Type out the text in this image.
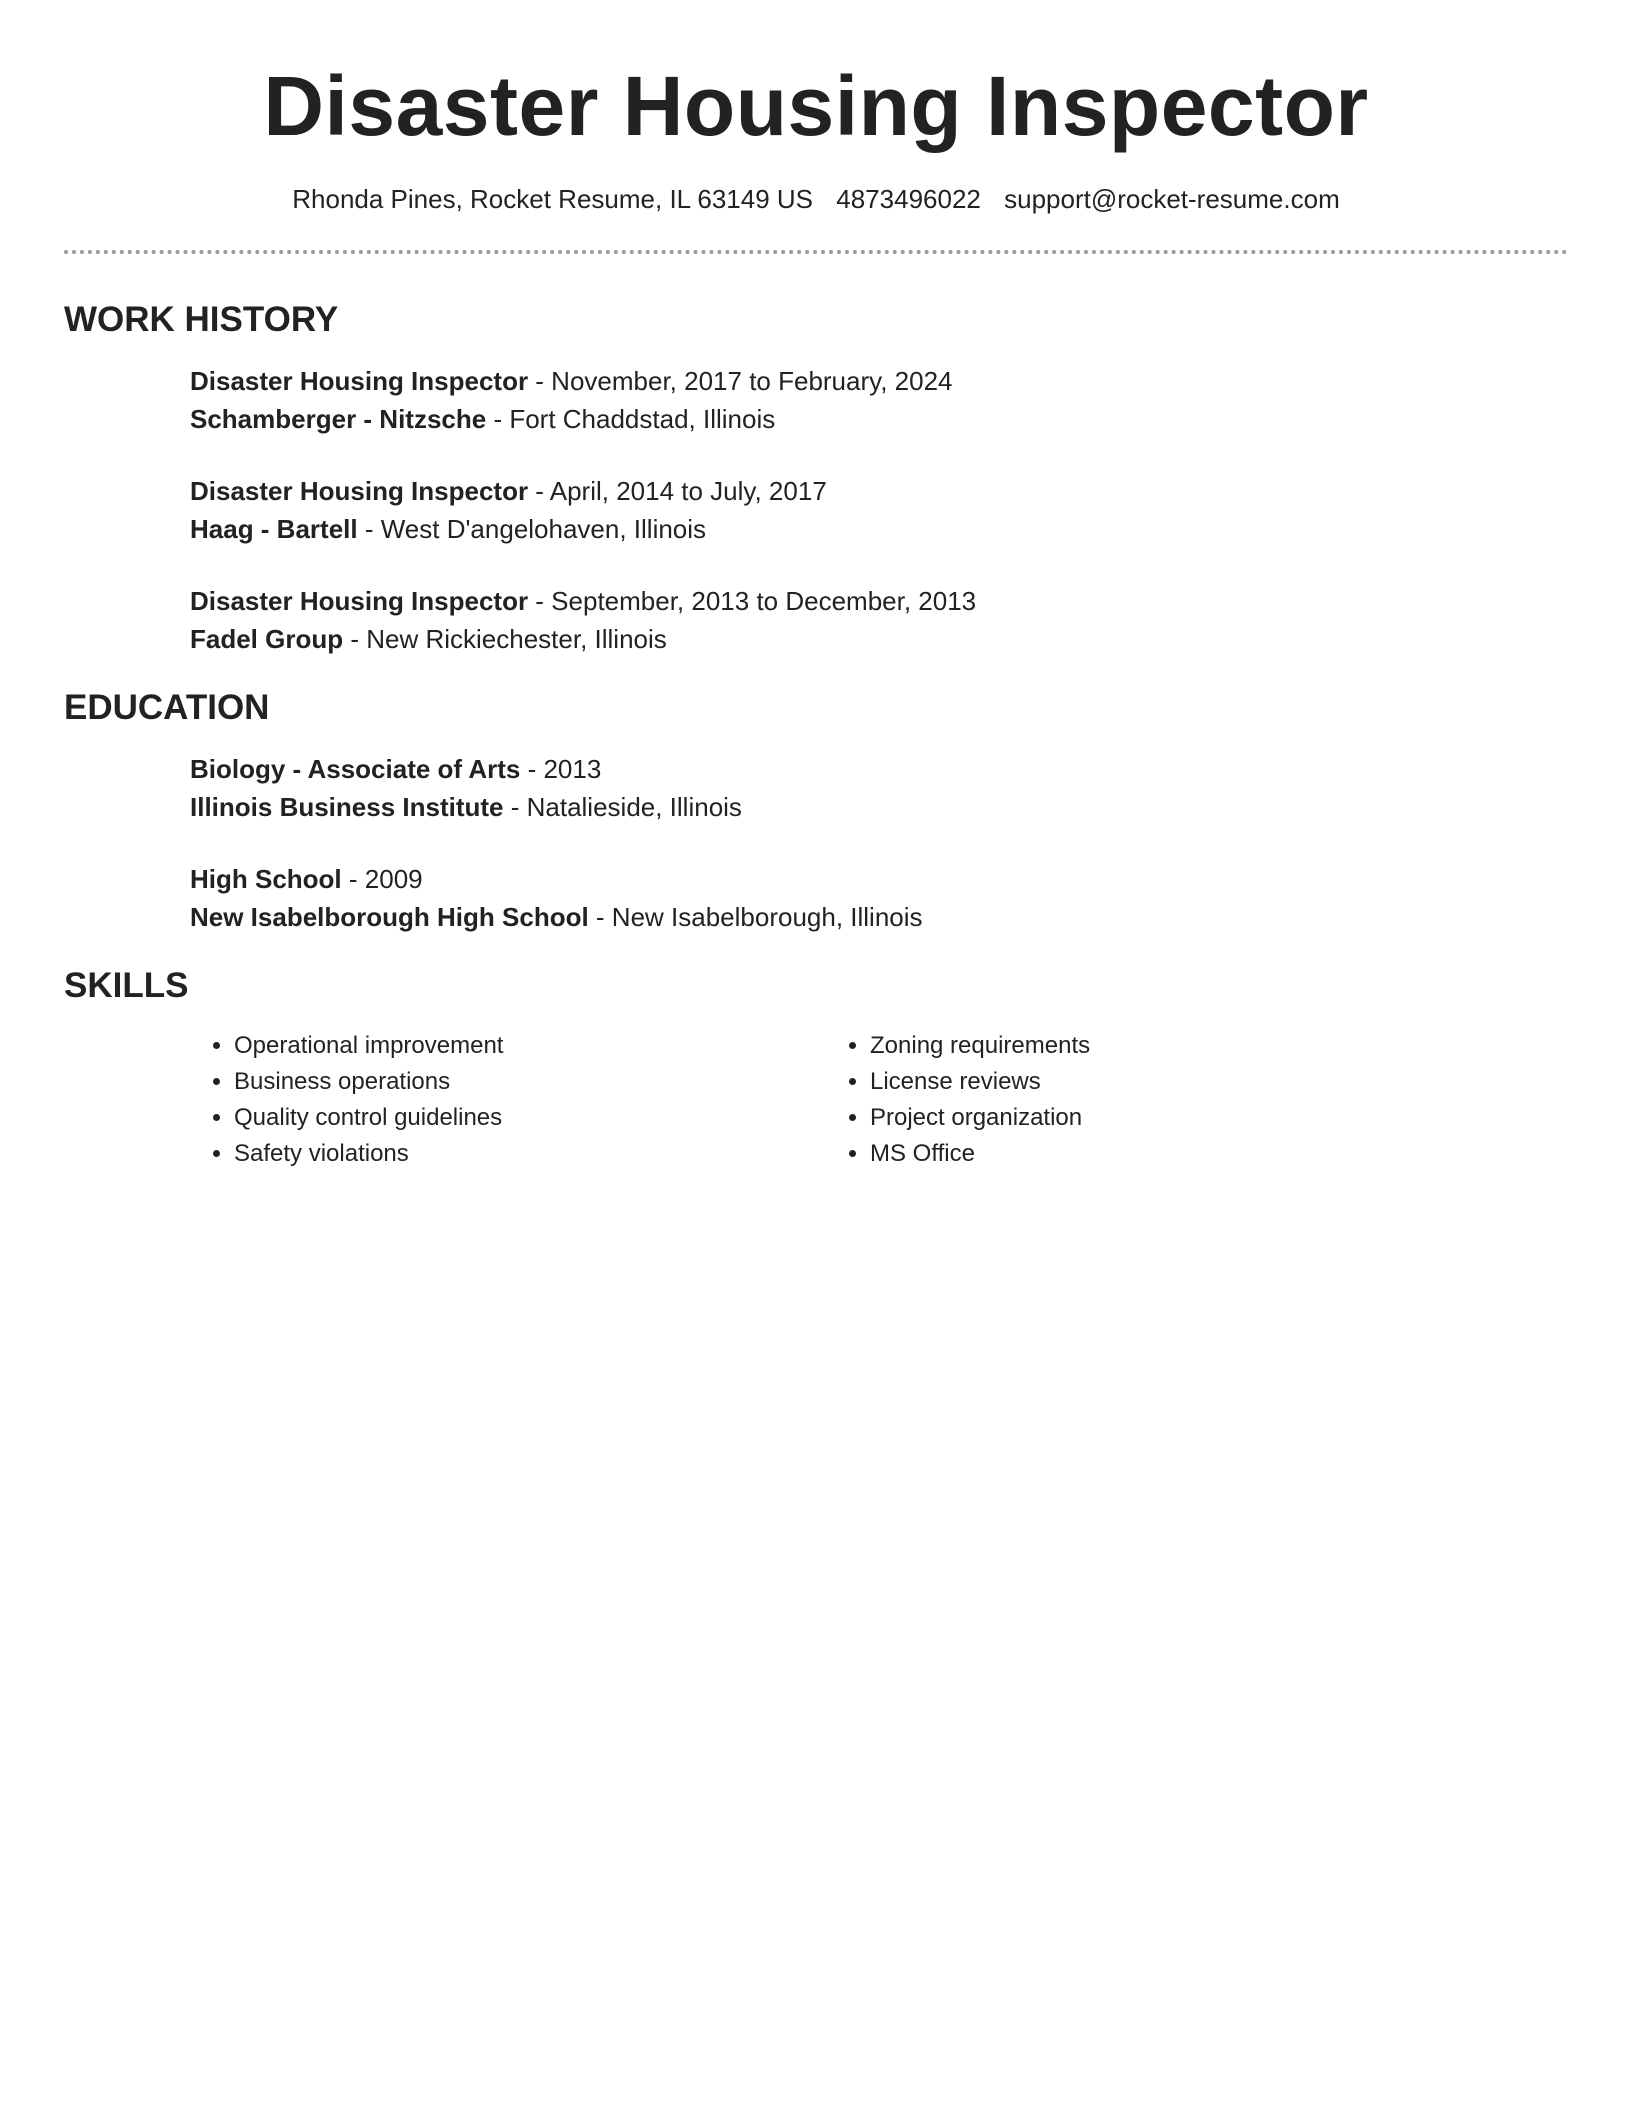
Disaster Housing Inspector
Rhonda Pines, Rocket Resume, IL 63149 US 4873496022 support@rocket-resume.com
WORK HISTORY
Disaster Housing Inspector - November, 2017 to February, 2024
Schamberger - Nitzsche - Fort Chaddstad, Illinois
Disaster Housing Inspector - April, 2014 to July, 2017
Haag - Bartell - West D'angelohaven, Illinois
Disaster Housing Inspector - September, 2013 to December, 2013
Fadel Group - New Rickiechester, Illinois
EDUCATION
Biology - Associate of Arts - 2013
Illinois Business Institute - Natalieside, Illinois
High School - 2009
New Isabelborough High School - New Isabelborough, Illinois
SKILLS
• Operational improvement
• Business operations
• Quality control guidelines
• Safety violations
• Zoning requirements
• License reviews
• Project organization
• MS Office
